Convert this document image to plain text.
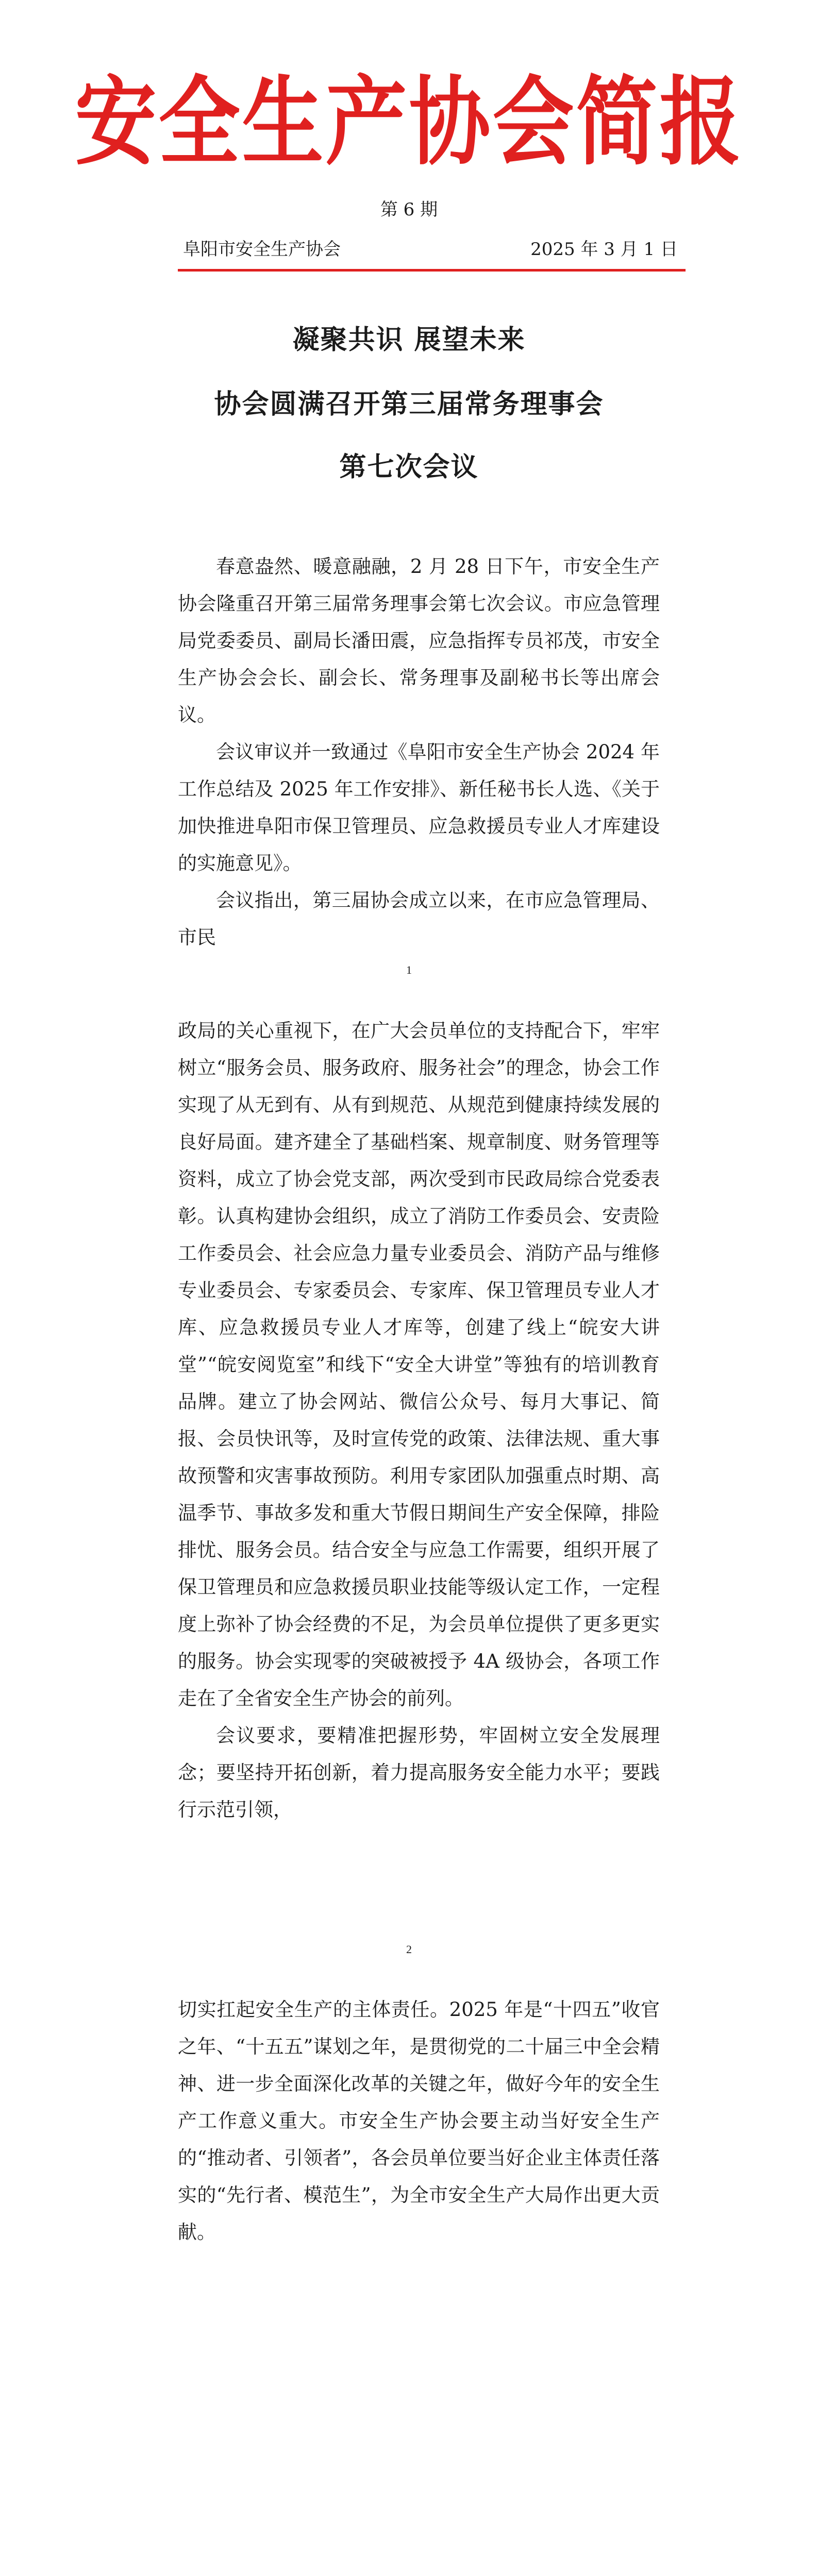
安全生产协会简报
第 6 期
阜阳市安全生产协会	2025 年 3 月 1 日
凝聚共识 展望未来
协会圆满召开第三届常务理事会
第七次会议

春意盎然、暖意融融，2 月 28 日下午，市安全生产协会隆重召开第三届常务理事会第七次会议。市应急管理局党委委员、副局长潘田震，应急指挥专员祁茂，市安全生产协会会长、副会长、常务理事及副秘书长等出席会议。

会议审议并一致通过《阜阳市安全生产协会 2024 年工作总结及 2025 年工作安排》、新任秘书长人选、《关于加快推进阜阳市保卫管理员、应急救援员专业人才库建设的实施意见》。

会议指出，第三届协会成立以来，在市应急管理局、市民

1

政局的关心重视下，在广大会员单位的支持配合下，牢牢树立“服务会员、服务政府、服务社会”的理念，协会工作实现了从无到有、从有到规范、从规范到健康持续发展的良好局面。建齐建全了基础档案、规章制度、财务管理等资料，成立了协会党支部，两次受到市民政局综合党委表彰。认真构建协会组织，成立了消防工作委员会、安责险工作委员会、社会应急力量专业委员会、消防产品与维修专业委员会、专家委员会、专家库、保卫管理员专业人才库、应急救援员专业人才库等，创建了线上“皖安大讲堂”“皖安阅览室”和线下“安全大讲堂”等独有的培训教育品牌。建立了协会网站、微信公众号、每月大事记、简报、会员快讯等，及时宣传党的政策、法律法规、重大事故预警和灾害事故预防。利用专家团队加强重点时期、高温季节、事故多发和重大节假日期间生产安全保障，排险排忧、服务会员。结合安全与应急工作需要，组织开展了保卫管理员和应急救援员职业技能等级认定工作，一定程度上弥补了协会经费的不足，为会员单位提供了更多更实的服务。协会实现零的突破被授予 4A 级协会，各项工作走在了全省安全生产协会的前列。

会议要求，要精准把握形势，牢固树立安全发展理念；要坚持开拓创新，着力提高服务安全能力水平；要践行示范引领，

2

切实扛起安全生产的主体责任。2025 年是“十四五”收官之年、“十五五”谋划之年，是贯彻党的二十届三中全会精神、进一步全面深化改革的关键之年，做好今年的安全生产工作意义重大。市安全生产协会要主动当好安全生产的“推动者、引领者”，各会员单位要当好企业主体责任落实的“先行者、模范生”，为全市安全生产大局作出更大贡献。
